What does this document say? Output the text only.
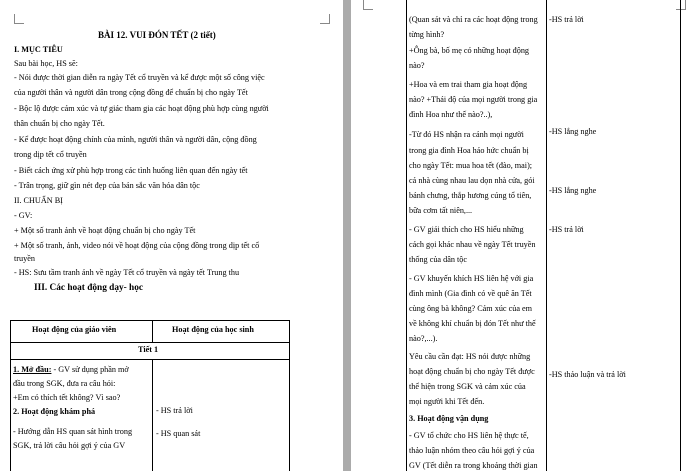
BÀI 12. VUI ĐÓN TẾT (2 tiết)
I. MỤC TIÊU
Sau bài học, HS sẽ:
- Nói được thời gian diễn ra ngày Tết cổ truyền và kể được một số công việc
của người thân và người dân trong cộng đồng để chuẩn bị cho ngày Tết
- Bộc lộ được cảm xúc và tự giác tham gia các hoạt động phù hợp cùng người
thân chuẩn bị cho ngày Tết.
- Kể được hoạt động chính của mình, người thân và người dân, cộng đồng
trong dịp tết cổ truyền
- Biết cách ứng xử phù hợp trong các tình huống liên quan đến ngày tết
- Trân trọng, giữ gìn nét đẹp của bản sắc văn hóa dân tộc
II. CHUẨN BỊ
- GV:
+ Một số tranh ảnh về hoạt động chuẩn bị cho ngày Tết
+ Một số tranh, ảnh, video nói về hoạt động của cộng đồng trong dịp tết cổ
truyền
- HS: Sưu tầm tranh ảnh về ngày Tết cổ truyền và ngày tết Trung thu
III. Các hoạt động dạy- học
Hoạt động của giáo viên	Hoạt động của học sinh
Tiết 1
1. Mở đầu: - GV sử dụng phần mở
đầu trong SGK, đưa ra câu hỏi:
+Em có thích tết không? Vì sao?
2. Hoạt động khám phá
- Hướng dẫn HS quan sát hình trong
SGK, trả lời câu hỏi gợi ý của GV
- HS trả lời
- HS quan sát
(Quan sát và chỉ ra các hoạt động trong
từng hình?
+Ông bà, bố mẹ có những hoạt động
nào?
+Hoa và em trai tham gia hoạt động
nào? +Thái độ của mọi người trong gia
đình Hoa như thế nào?..),
-Từ đó HS nhận ra cảnh mọi người
trong gia đình Hoa háo hức chuẩn bị
cho ngày Tết: mua hoa tết (đào, mai);
cả nhà cùng nhau lau dọn nhà cửa, gói
bánh chưng, thắp hương cúng tổ tiên,
bữa cơm tất niên,...
- GV giải thích cho HS hiểu những
cách gọi khác nhau về ngày Tết truyền
thống của dân tộc
- GV khuyến khích HS liên hệ với gia
đình mình (Gia đình có về quê ăn Tết
cùng ông bà không? Cảm xúc của em
về không khí chuẩn bị đón Tết như thế
nào?,...).
Yêu cầu cần đạt: HS nói được những
hoạt động chuẩn bị cho ngày Tết được
thể hiện trong SGK và cảm xúc của
mọi người khi Tết đến.
3. Hoạt động vận dụng
- GV tổ chức cho HS liên hệ thực tế,
thảo luận nhóm theo câu hỏi gợi ý của
GV (Tết diễn ra trong khoảng thời gian
-HS trả lời
-HS lắng nghe
-HS lắng nghe
-HS trả lời
-HS thảo luận và trả lời
